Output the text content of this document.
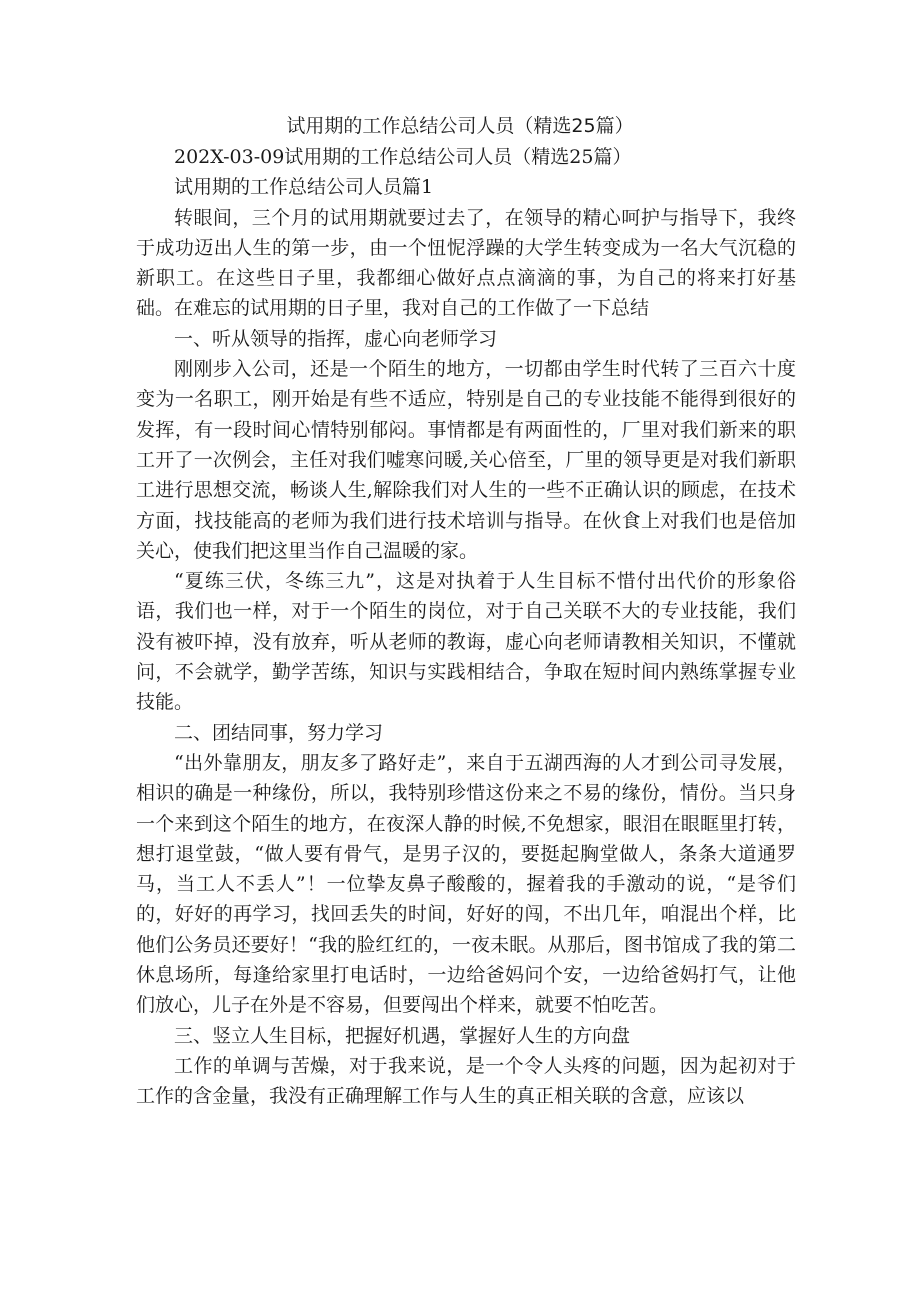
试用期的工作总结公司人员（精选25篇）

202X-03-09试用期的工作总结公司人员（精选25篇）

试用期的工作总结公司人员篇1

转眼间，三个月的试用期就要过去了，在领导的精心呵护与指导下，我终于成功迈出人生的第一步，由一个忸怩浮躁的大学生转变成为一名大气沉稳的新职工。在这些日子里，我都细心做好点点滴滴的事，为自己的将来打好基础。在难忘的试用期的日子里，我对自己的工作做了一下总结

一、听从领导的指挥，虚心向老师学习

刚刚步入公司，还是一个陌生的地方，一切都由学生时代转了三百六十度变为一名职工，刚开始是有些不适应，特别是自己的专业技能不能得到很好的发挥，有一段时间心情特别郁闷。事情都是有两面性的，厂里对我们新来的职工开了一次例会，主任对我们嘘寒问暖,关心倍至，厂里的领导更是对我们新职工进行思想交流，畅谈人生,解除我们对人生的一些不正确认识的顾虑，在技术方面，找技能高的老师为我们进行技术培训与指导。在伙食上对我们也是倍加关心，使我们把这里当作自己温暖的家。

“夏练三伏，冬练三九”，这是对执着于人生目标不惜付出代价的形象俗语，我们也一样，对于一个陌生的岗位，对于自己关联不大的专业技能，我们没有被吓掉，没有放弃，听从老师的教诲，虚心向老师请教相关知识，不懂就问，不会就学，勤学苦练，知识与实践相结合，争取在短时间内熟练掌握专业技能。

二、团结同事，努力学习

“出外靠朋友，朋友多了路好走”，来自于五湖西海的人才到公司寻发展，相识的确是一种缘份，所以，我特别珍惜这份来之不易的缘份，情份。当只身一个来到这个陌生的地方，在夜深人静的时候,不免想家，眼泪在眼眶里打转，想打退堂鼓，“做人要有骨气，是男子汉的，要挺起胸堂做人，条条大道通罗马，当工人不丢人”！一位挚友鼻子酸酸的，握着我的手激动的说，“是爷们的，好好的再学习，找回丢失的时间，好好的闯，不出几年，咱混出个样，比他们公务员还要好！“我的脸红红的，一夜未眠。从那后，图书馆成了我的第二休息场所，每逢给家里打电话时，一边给爸妈问个安，一边给爸妈打气，让他们放心，儿子在外是不容易，但要闯出个样来，就要不怕吃苦。

三、竖立人生目标，把握好机遇，掌握好人生的方向盘

工作的单调与苦燥，对于我来说，是一个令人头疼的问题，因为起初对于工作的含金量，我没有正确理解工作与人生的真正相关联的含意，应该以
